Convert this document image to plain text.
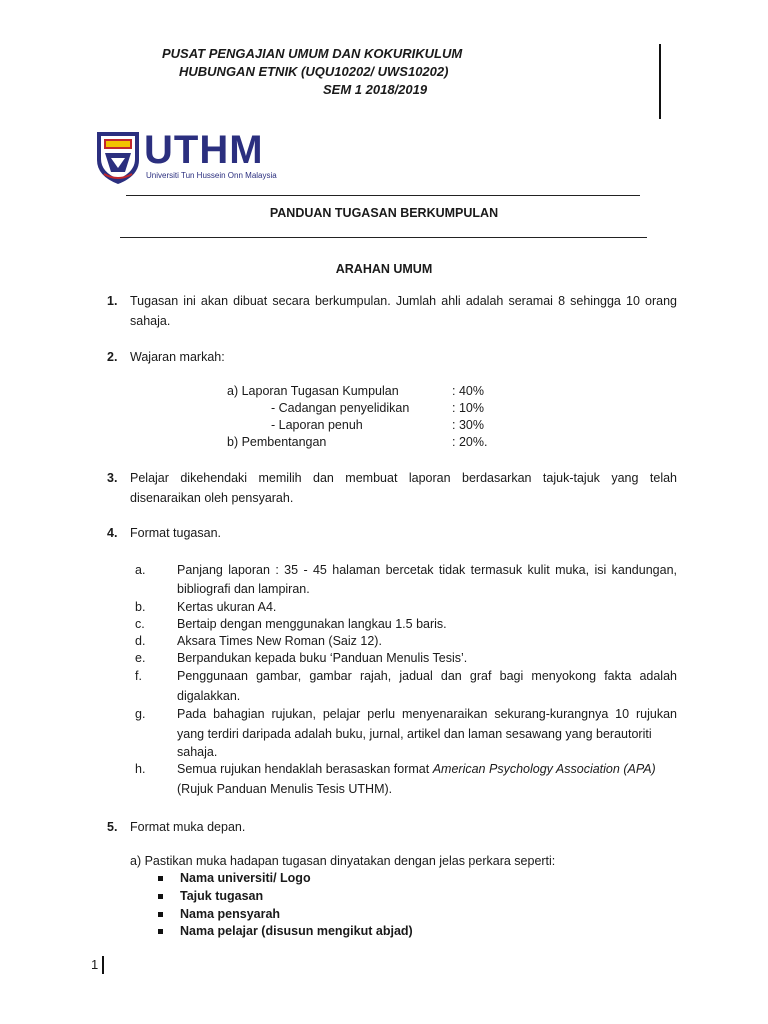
PUSAT PENGAJIAN UMUM DAN KOKURIKULUM
HUBUNGAN ETNIK (UQU10202/ UWS10202)
SEM 1 2018/2019
UTHM
Universiti Tun Hussein Onn Malaysia
PANDUAN TUGASAN BERKUMPULAN
ARAHAN UMUM
1. Tugasan ini akan dibuat secara berkumpulan. Jumlah ahli adalah seramai 8 sehingga 10 orang
sahaja.
2. Wajaran markah:
a) Laporan Tugasan Kumpulan	: 40%
- Cadangan penyelidikan	: 10%
- Laporan penuh	: 30%
b) Pembentangan	: 20%.
3. Pelajar dikehendaki memilih dan membuat laporan berdasarkan tajuk-tajuk yang telah
disenaraikan oleh pensyarah.
4. Format tugasan.
a.	Panjang laporan : 35 - 45 halaman bercetak tidak termasuk kulit muka, isi kandungan,
bibliografi dan lampiran.
b.	Kertas ukuran A4.
c.	Bertaip dengan menggunakan langkau 1.5 baris.
d.	Aksara Times New Roman (Saiz 12).
e.	Berpandukan kepada buku ‘Panduan Menulis Tesis’.
f.	Penggunaan gambar, gambar rajah, jadual dan graf bagi menyokong fakta adalah
digalakkan.
g.	Pada bahagian rujukan, pelajar perlu menyenaraikan sekurang-kurangnya 10 rujukan
yang terdiri daripada adalah buku, jurnal, artikel dan laman sesawang yang berautoriti
sahaja.
h.	Semua rujukan hendaklah berasaskan format American Psychology Association (APA)
(Rujuk Panduan Menulis Tesis UTHM).
5. Format muka depan.
a) Pastikan muka hadapan tugasan dinyatakan dengan jelas perkara seperti:
Nama universiti/ Logo
Tajuk tugasan
Nama pensyarah
Nama pelajar (disusun mengikut abjad)
1
